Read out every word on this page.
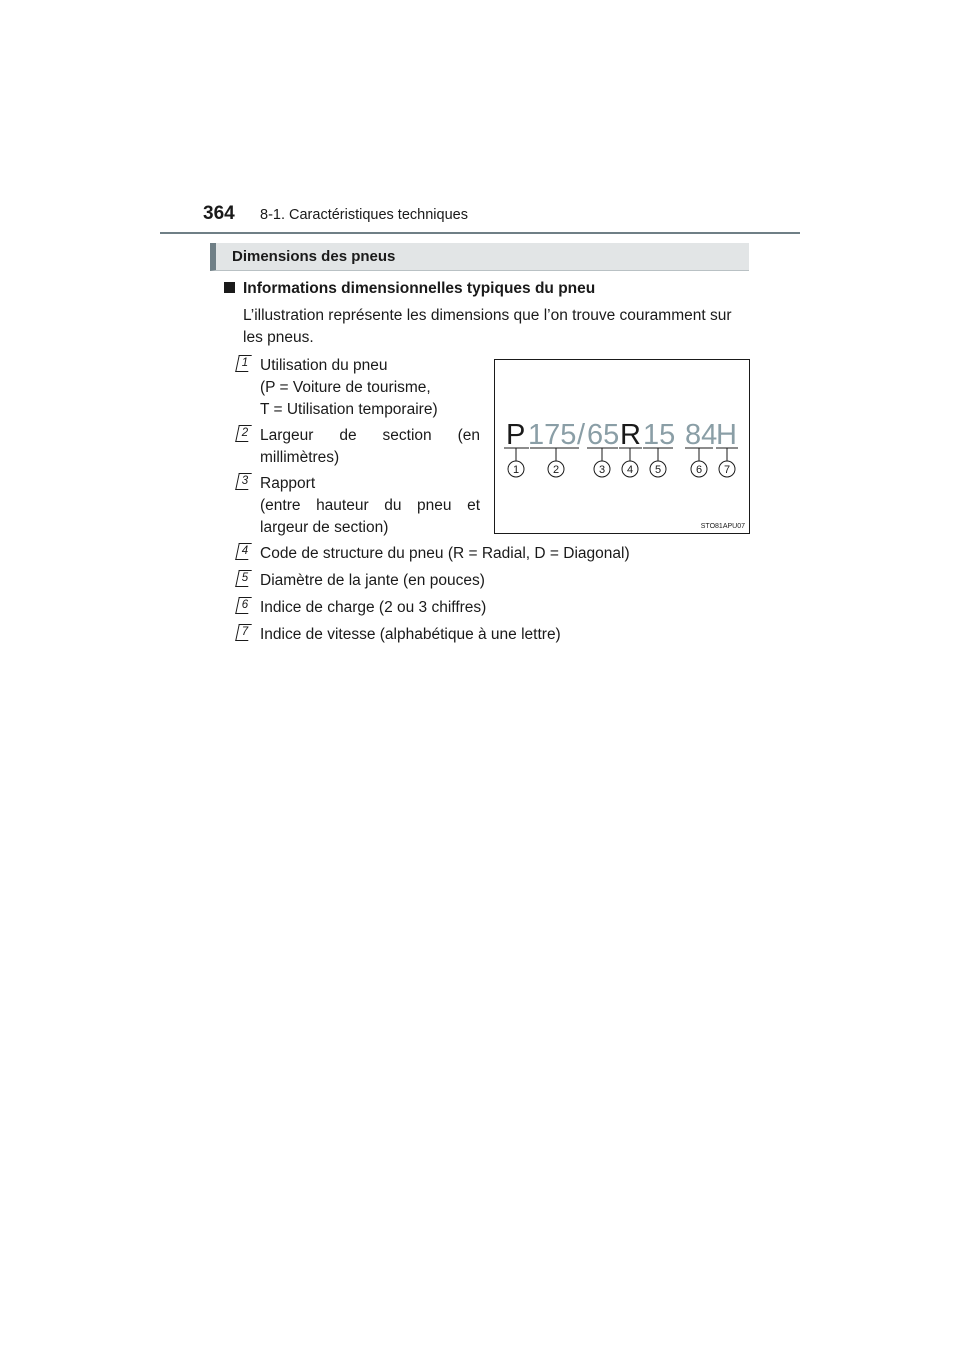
364 8-1. Caractéristiques techniques
Dimensions des pneus
Informations dimensionnelles typiques du pneu
L’illustration représente les dimensions que l’on trouve couramment sur les pneus.
1 Utilisation du pneu
(P = Voiture de tourisme,
T = Utilisation temporaire)
2 Largeur de section (en millimètres)
3 Rapport
(entre hauteur du pneu et largeur de section)
4 Code de structure du pneu (R = Radial, D = Diagonal)
5 Diamètre de la jante (en pouces)
6 Indice de charge (2 ou 3 chiffres)
7 Indice de vitesse (alphabétique à une lettre)
P 175 / 65 R 15 84
H
1	2	3 4 5	6 7
STO81APU07
